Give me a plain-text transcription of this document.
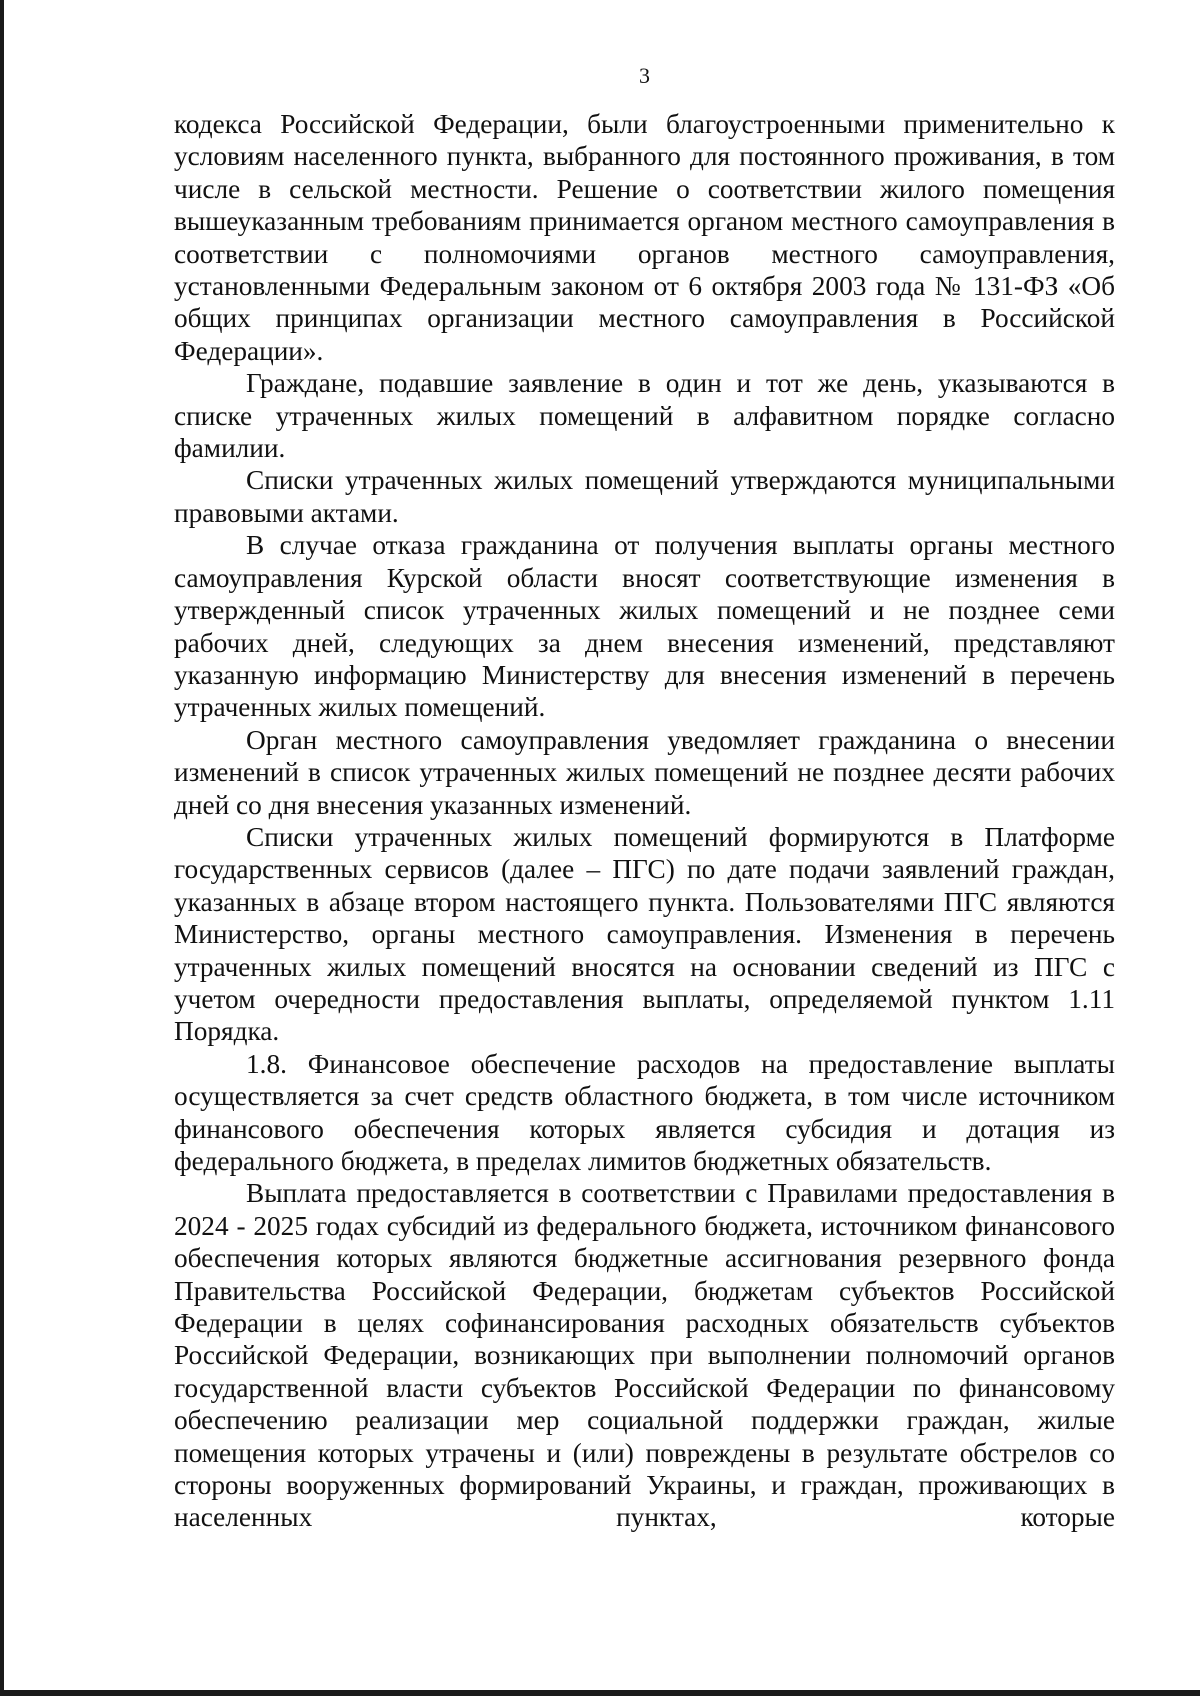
3

кодекса Российской Федерации, были благоустроенными применительно к условиям населенного пункта, выбранного для постоянного проживания, в том числе в сельской местности. Решение о соответствии жилого помещения вышеуказанным требованиям принимается органом местного самоуправления в соответствии с полномочиями органов местного самоуправления, установленными Федеральным законом от 6 октября 2003 года № 131-ФЗ «Об общих принципах организации местного самоуправления в Российской Федерации».

Граждане, подавшие заявление в один и тот же день, указываются в списке утраченных жилых помещений в алфавитном порядке согласно фамилии.

Списки утраченных жилых помещений утверждаются муниципальными правовыми актами.

В случае отказа гражданина от получения выплаты органы местного самоуправления Курской области вносят соответствующие изменения в утвержденный список утраченных жилых помещений и не позднее семи рабочих дней, следующих за днем внесения изменений, представляют указанную информацию Министерству для внесения изменений в перечень утраченных жилых помещений.

Орган местного самоуправления уведомляет гражданина о внесении изменений в список утраченных жилых помещений не позднее десяти рабочих дней со дня внесения указанных изменений.

Списки утраченных жилых помещений формируются в Платформе государственных сервисов (далее – ПГС) по дате подачи заявлений граждан, указанных в абзаце втором настоящего пункта. Пользователями ПГС являются Министерство, органы местного самоуправления. Изменения в перечень утраченных жилых помещений вносятся на основании сведений из ПГС с учетом очередности предоставления выплаты, определяемой пунктом 1.11 Порядка.

1.8. Финансовое обеспечение расходов на предоставление выплаты осуществляется за счет средств областного бюджета, в том числе источником финансового обеспечения которых является субсидия и дотация из федерального бюджета, в пределах лимитов бюджетных обязательств.

Выплата предоставляется в соответствии с Правилами предоставления в 2024 - 2025 годах субсидий из федерального бюджета, источником финансового обеспечения которых являются бюджетные ассигнования резервного фонда Правительства Российской Федерации, бюджетам субъектов Российской Федерации в целях софинансирования расходных обязательств субъектов Российской Федерации, возникающих при выполнении полномочий органов государственной власти субъектов Российской Федерации по финансовому обеспечению реализации мер социальной поддержки граждан, жилые помещения которых утрачены и (или) повреждены в результате обстрелов со стороны вооруженных формирований Украины, и граждан, проживающих в населенных пунктах, которые
